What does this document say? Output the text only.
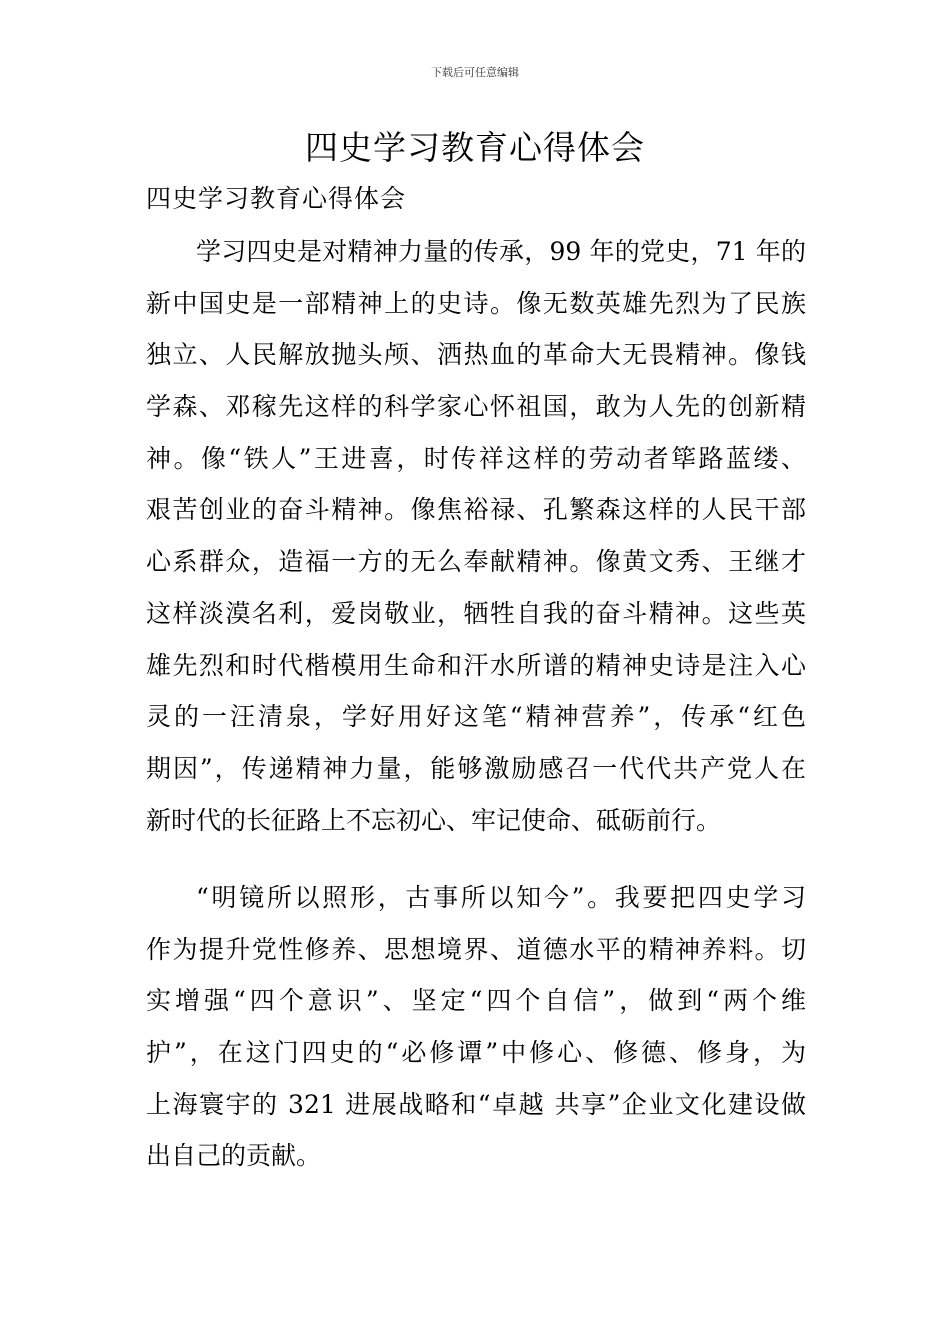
下载后可任意编辑
四史学习教育心得体会
四史学习教育心得体会
学习四史是对精神力量的传承，99 年的党史，71 年的
新中国史是一部精神上的史诗。像无数英雄先烈为了民族
独立、人民解放抛头颅、洒热血的革命大无畏精神。像钱
学森、邓稼先这样的科学家心怀祖国，敢为人先的创新精
神。像“铁人”王进喜，时传祥这样的劳动者筚路蓝缕、
艰苦创业的奋斗精神。像焦裕禄、孔繁森这样的人民干部
心系群众，造福一方的无么奉献精神。像黄文秀、王继才
这样淡漠名利，爱岗敬业，牺牲自我的奋斗精神。这些英
雄先烈和时代楷模用生命和汗水所谱的精神史诗是注入心
灵的一汪清泉，学好用好这笔“精神营养”，传承“红色
期因”，传递精神力量，能够激励感召一代代共产党人在
新时代的长征路上不忘初心、牢记使命、砥砺前行。
“明镜所以照形，古事所以知今”。我要把四史学习
作为提升党性修养、思想境界、道德水平的精神养料。切
实增强“四个意识”、坚定“四个自信”，做到“两个维
护”，在这门四史的“必修谭”中修心、修德、修身，为
上海寰宇的 321 进展战略和“卓越 共享”企业文化建设做
出自己的贡献。
